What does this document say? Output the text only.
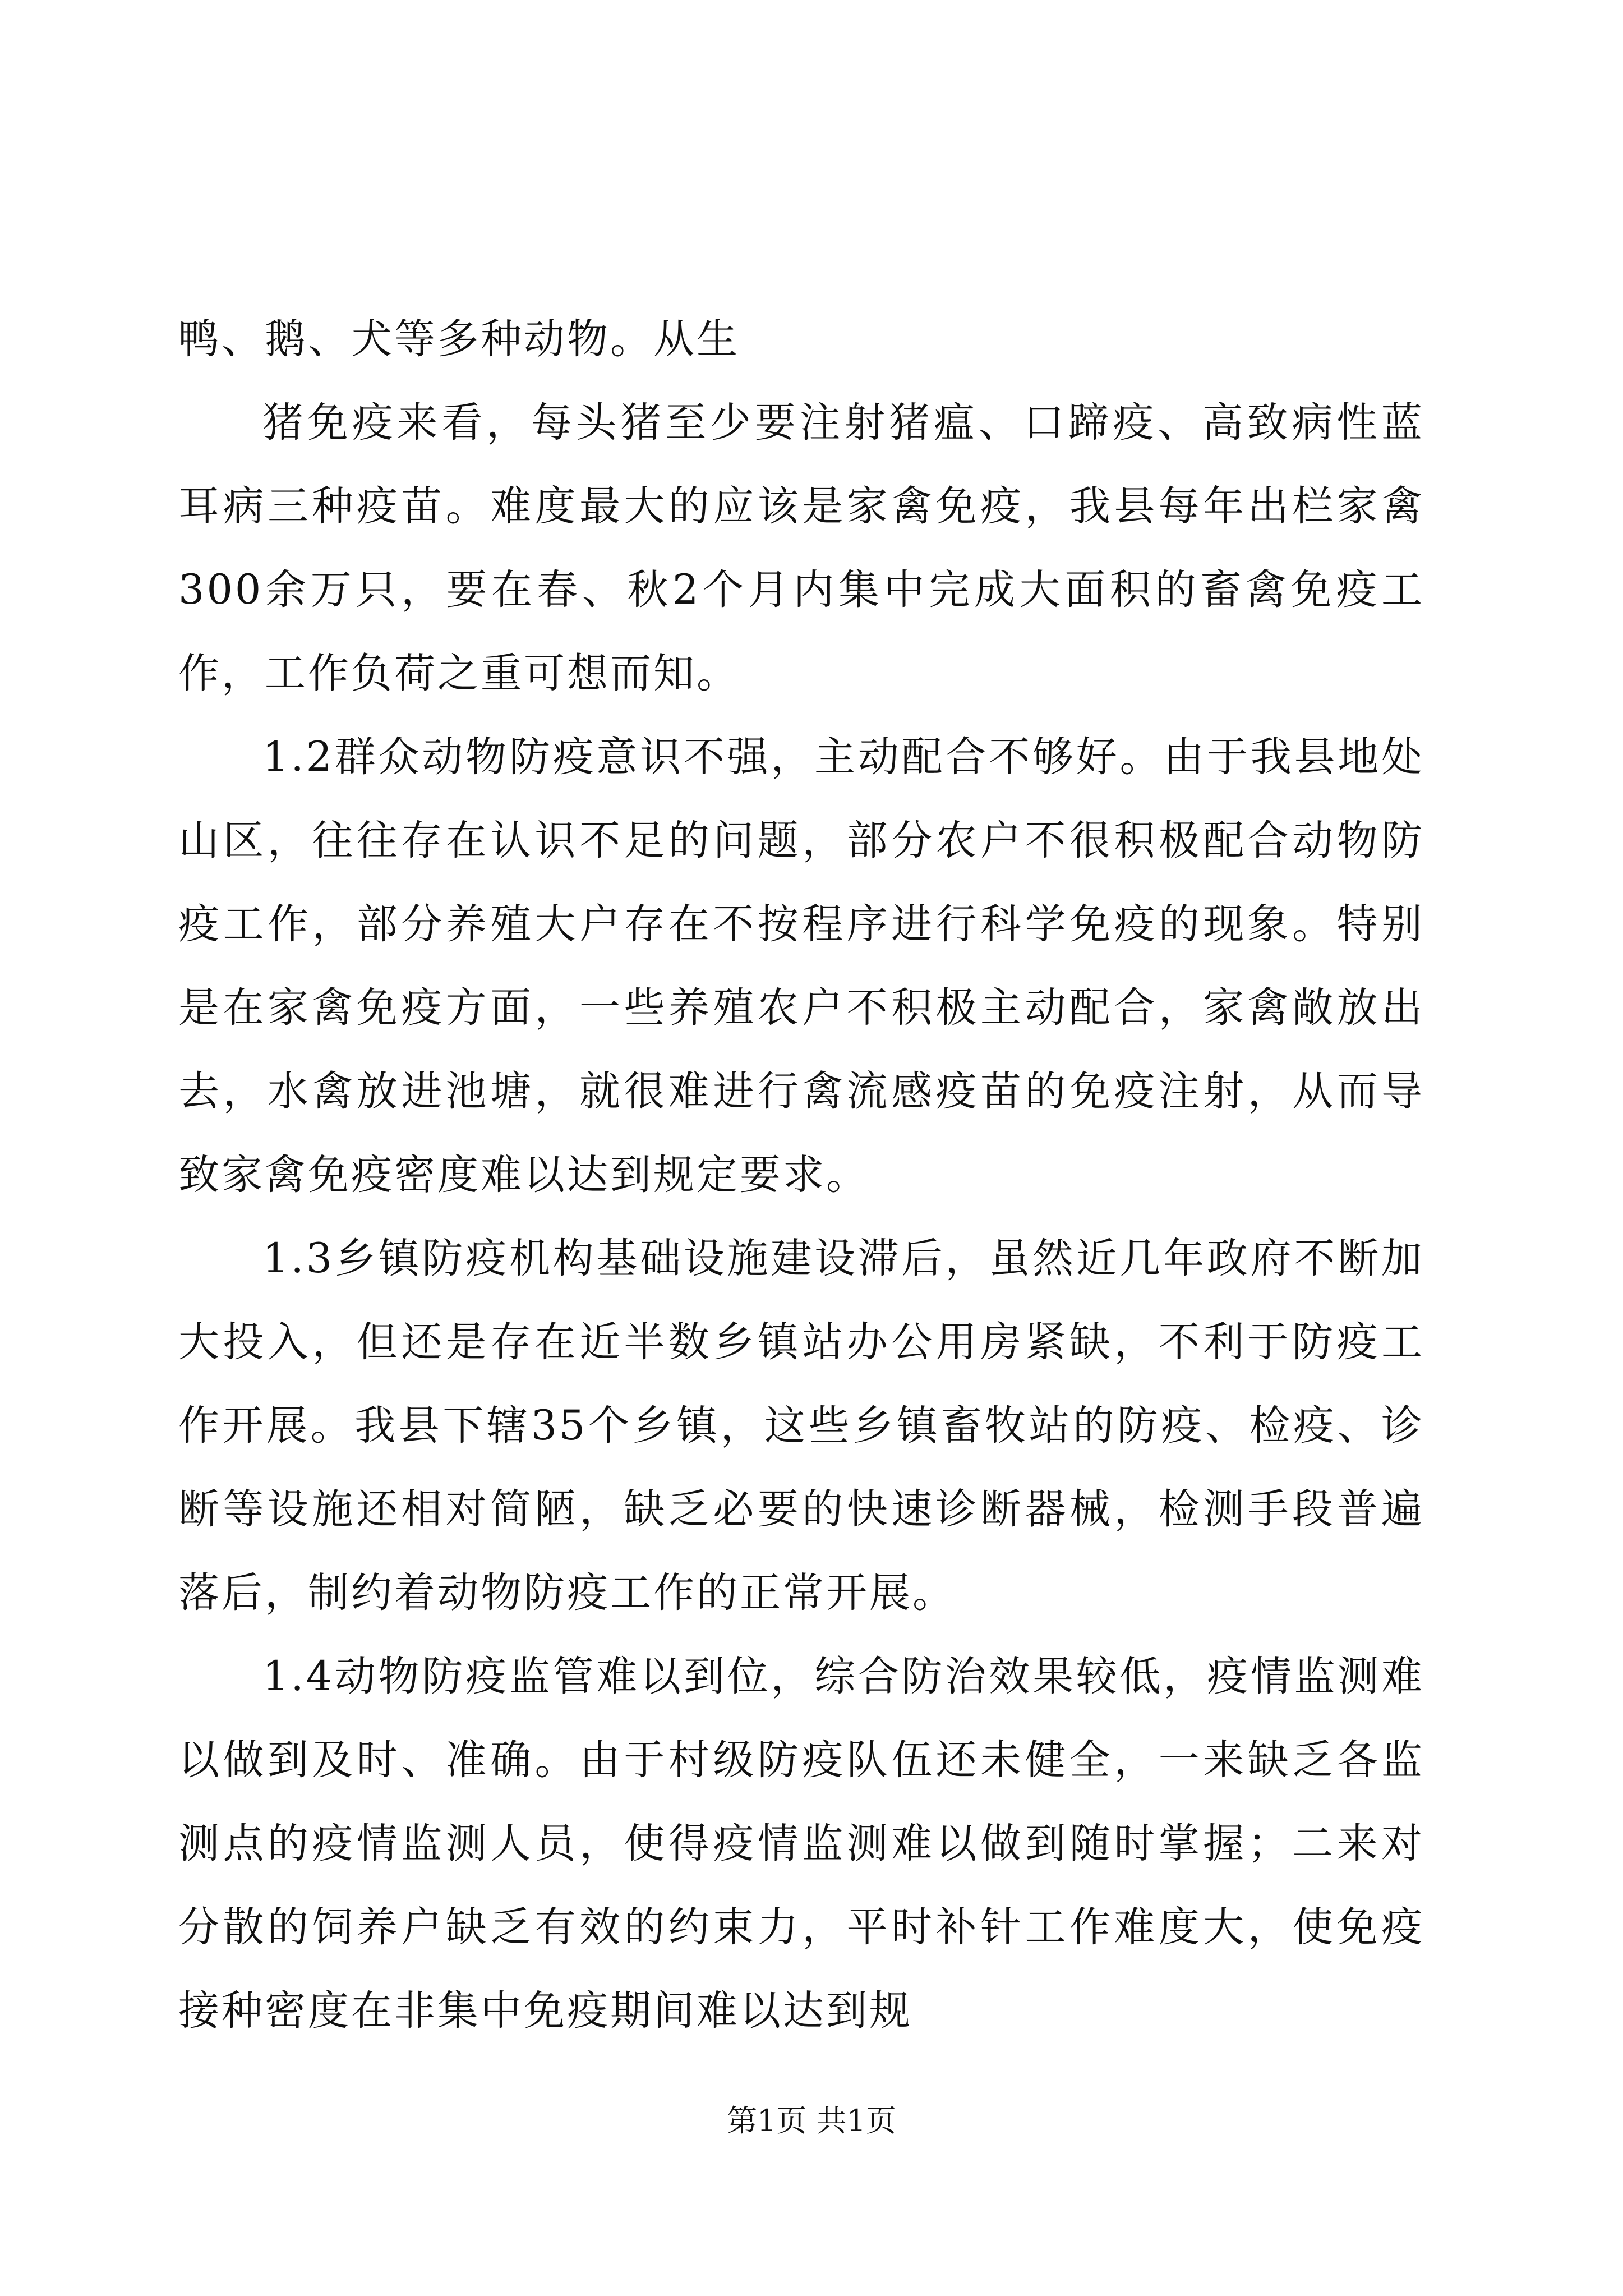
鸭、鹅、犬等多种动物。从生

猪免疫来看，每头猪至少要注射猪瘟、口蹄疫、高致病性蓝耳病三种疫苗。难度最大的应该是家禽免疫，我县每年出栏家禽300余万只，要在春、秋2个月内集中完成大面积的畜禽免疫工作，工作负荷之重可想而知。

1.2群众动物防疫意识不强，主动配合不够好。由于我县地处山区，往往存在认识不足的问题，部分农户不很积极配合动物防疫工作，部分养殖大户存在不按程序进行科学免疫的现象。特别是在家禽免疫方面，一些养殖农户不积极主动配合，家禽敞放出去，水禽放进池塘，就很难进行禽流感疫苗的免疫注射，从而导致家禽免疫密度难以达到规定要求。

1.3乡镇防疫机构基础设施建设滞后，虽然近几年政府不断加大投入，但还是存在近半数乡镇站办公用房紧缺，不利于防疫工作开展。我县下辖35个乡镇，这些乡镇畜牧站的防疫、检疫、诊断等设施还相对简陋，缺乏必要的快速诊断器械，检测手段普遍落后，制约着动物防疫工作的正常开展。

1.4动物防疫监管难以到位，综合防治效果较低，疫情监测难以做到及时、准确。由于村级防疫队伍还未健全，一来缺乏各监测点的疫情监测人员，使得疫情监测难以做到随时掌握；二来对分散的饲养户缺乏有效的约束力，平时补针工作难度大，使免疫接种密度在非集中免疫期间难以达到规

第1页 共1页
